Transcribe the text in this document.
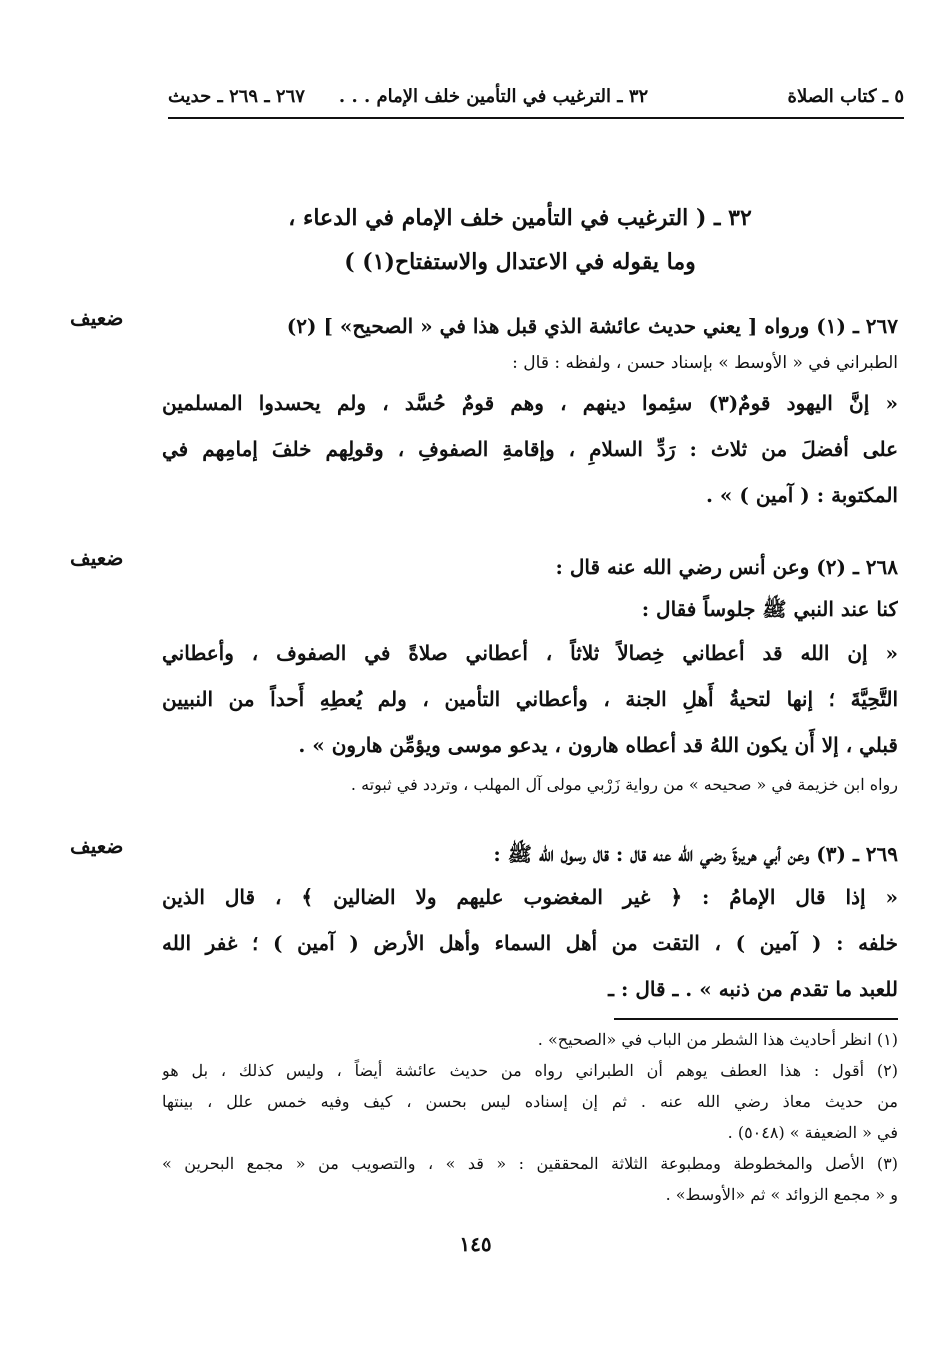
٥ ـ كتاب الصلاة
٣٢ ـ الترغيب في التأمين خلف الإمام . . .
٢٦٧ ـ ٢٦٩ ـ حديث
٣٢ ـ ( الترغيب في التأمين خلف الإمام في الدعاء ،
وما يقوله في الاعتدال والاستفتاح(١) )
ضعيف	٢٦٧ ـ (١) ورواه [ يعني حديث عائشة الذي قبل هذا في « الصحيح» ] (٢)
الطبراني في « الأوسط » بإسناد حسن ، ولفظه : قال :
« إنَّ اليهود قومٌ(٣) سئِموا دينهم ، وهم قومٌ حُسَّد ، ولم يحسدوا المسلمين
على أفضلَ من ثلاث : رَدِّ السلامِ ، وإقامةِ الصفوفِ ، وقولِهم خلفَ إمامِهم في
المكتوبة : ( آمين ) » .
ضعيف	٢٦٨ ـ (٢) وعن أنس رضي الله عنه قال :
كنا عند النبي ﷺ جلوساً فقال :
« إن الله قد أعطاني خِصالاً ثلاثاً ، أعطاني صلاةً في الصفوف ، وأعطاني
التَّحِيَّةَ ؛ إنها لتحيةُ أَهلِ الجنة ، وأعطاني التأمين ، ولم يُعطِهِ أَحداً من النبيين
قبلي ، إلا أَن يكون اللهُ قد أعطاه هارون ، يدعو موسى ويؤمِّن هارون » .
رواه ابن خزيمة في « صحيحه » من رواية زَرْبي مولى آل المهلب ، وتردد في ثبوته .
ضعيف	٢٦٩ ـ (٣) وعن أبي هريرةَ رضي الله عنه قال : قال رسول الله ﷺ :
« إذا قال الإمامُ : ﴿ غير المغضوب عليهم ولا الضالين ﴾ ، قال الذين
خلفه : ( آمين ) ، التقت من أهل السماء وأهل الأرض ( آمين ) ؛ غفر الله
للعبد ما تقدم من ذنبه » . ـ قال : ـ
(١) انظر أحاديث هذا الشطر من الباب في «الصحيح» .
(٢) أقول : هذا العطف يوهم أن الطبراني رواه من حديث عائشة أيضاً ، وليس كذلك ، بل هو
من حديث معاذ رضي الله عنه . ثم إن إسناده ليس بحسن ، كيف وفيه خمس علل ، بينتها
في « الضعيفة » (٥٠٤٨) .
(٣) الأصل والمخطوطة ومطبوعة الثلاثة المحققين : « قد » ، والتصويب من « مجمع البحرين »
و « مجمع الزوائد » ثم «الأوسط» .
١٤٥
